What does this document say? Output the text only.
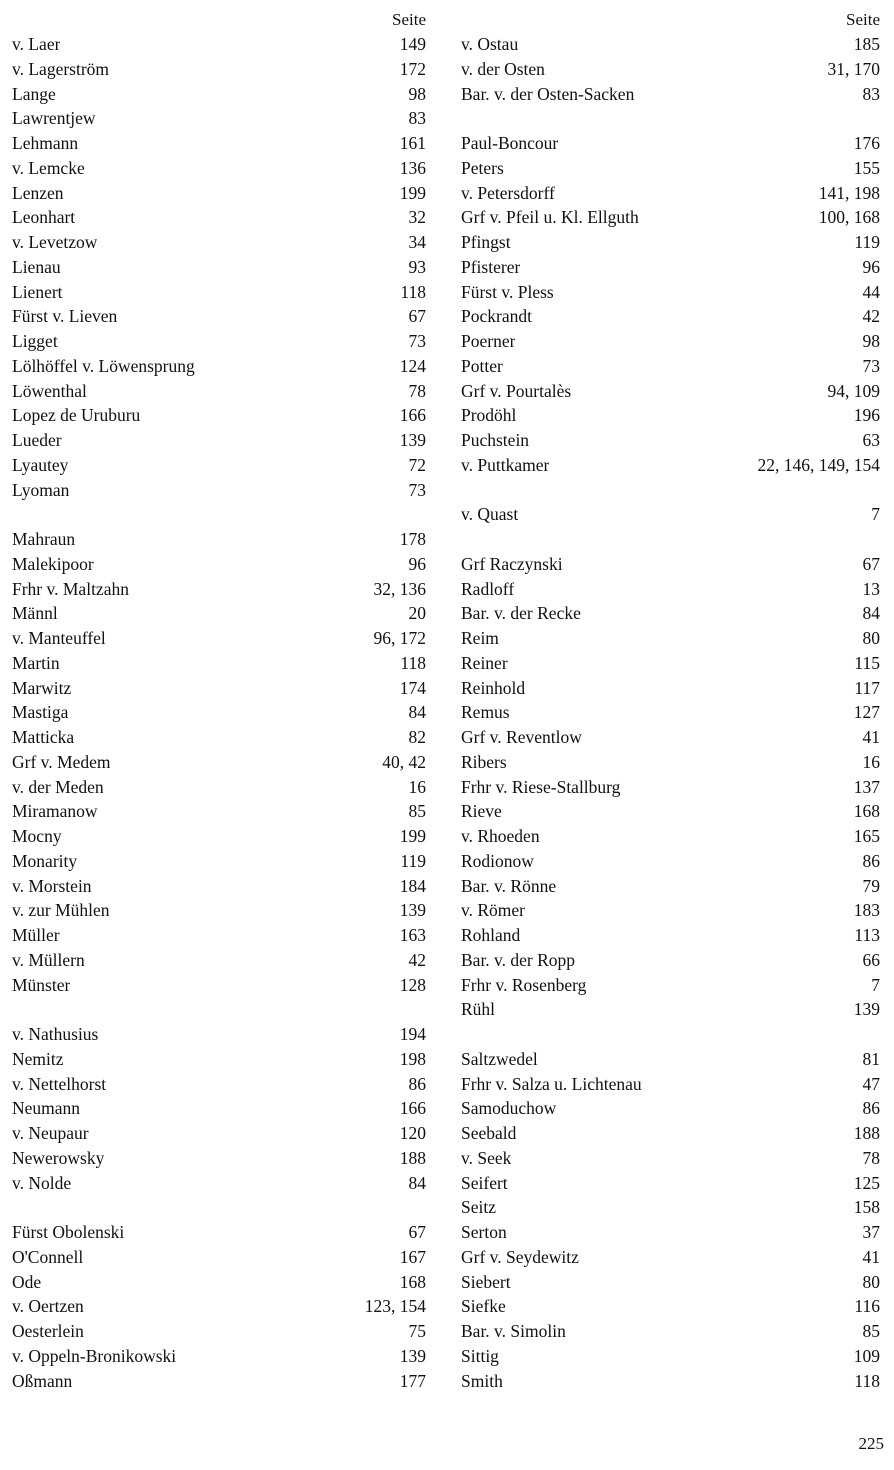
Seite
v. Laer	149
v. Lagerström	172
Lange	98
Lawrentjew	83
Lehmann	161
v. Lemcke	136
Lenzen	199
Leonhart	32
v. Levetzow	34
Lienau	93
Lienert	118
Fürst v. Lieven	67
Ligget	73
Lölhöffel v. Löwensprung	124
Löwenthal	78
Lopez de Uruburu	166
Lueder	139
Lyautey	72
Lyoman	73
Mahraun	178
Malekipoor	96
Frhr v. Maltzahn	32, 136
Männl	20
v. Manteuffel	96, 172
Martin	118
Marwitz	174
Mastiga	84
Matticka	82
Grf v. Medem	40, 42
v. der Meden	16
Miramanow	85
Mocny	199
Monarity	119
v. Morstein	184
v. zur Mühlen	139
Müller	163
v. Müllern	42
Münster	128
v. Nathusius	194
Nemitz	198
v. Nettelhorst	86
Neumann	166
v. Neupaur	120
Newerowsky	188
v. Nolde	84
Fürst Obolenski	67
O'Connell	167
Ode	168
v. Oertzen	123, 154
Oesterlein	75
v. Oppeln-Bronikowski	139
Oßmann	177
Seite
v. Ostau	185
v. der Osten	31, 170
Bar. v. der Osten-Sacken	83
Paul-Boncour	176
Peters	155
v. Petersdorff	141, 198
Grf v. Pfeil u. Kl. Ellguth	100, 168
Pfingst	119
Pfisterer	96
Fürst v. Pless	44
Pockrandt	42
Poerner	98
Potter	73
Grf v. Pourtalès	94, 109
Prodöhl	196
Puchstein	63
v. Puttkamer	22, 146, 149, 154
v. Quast	7
Grf Raczynski	67
Radloff	13
Bar. v. der Recke	84
Reim	80
Reiner	115
Reinhold	117
Remus	127
Grf v. Reventlow	41
Ribers	16
Frhr v. Riese-Stallburg	137
Rieve	168
v. Rhoeden	165
Rodionow	86
Bar. v. Rönne	79
v. Römer	183
Rohland	113
Bar. v. der Ropp	66
Frhr v. Rosenberg	7
Rühl	139
Saltzwedel	81
Frhr v. Salza u. Lichtenau	47
Samoduchow	86
Seebald	188
v. Seek	78
Seifert	125
Seitz	158
Serton	37
Grf v. Seydewitz	41
Siebert	80
Siefke	116
Bar. v. Simolin	85
Sittig	109
Smith	118
225
